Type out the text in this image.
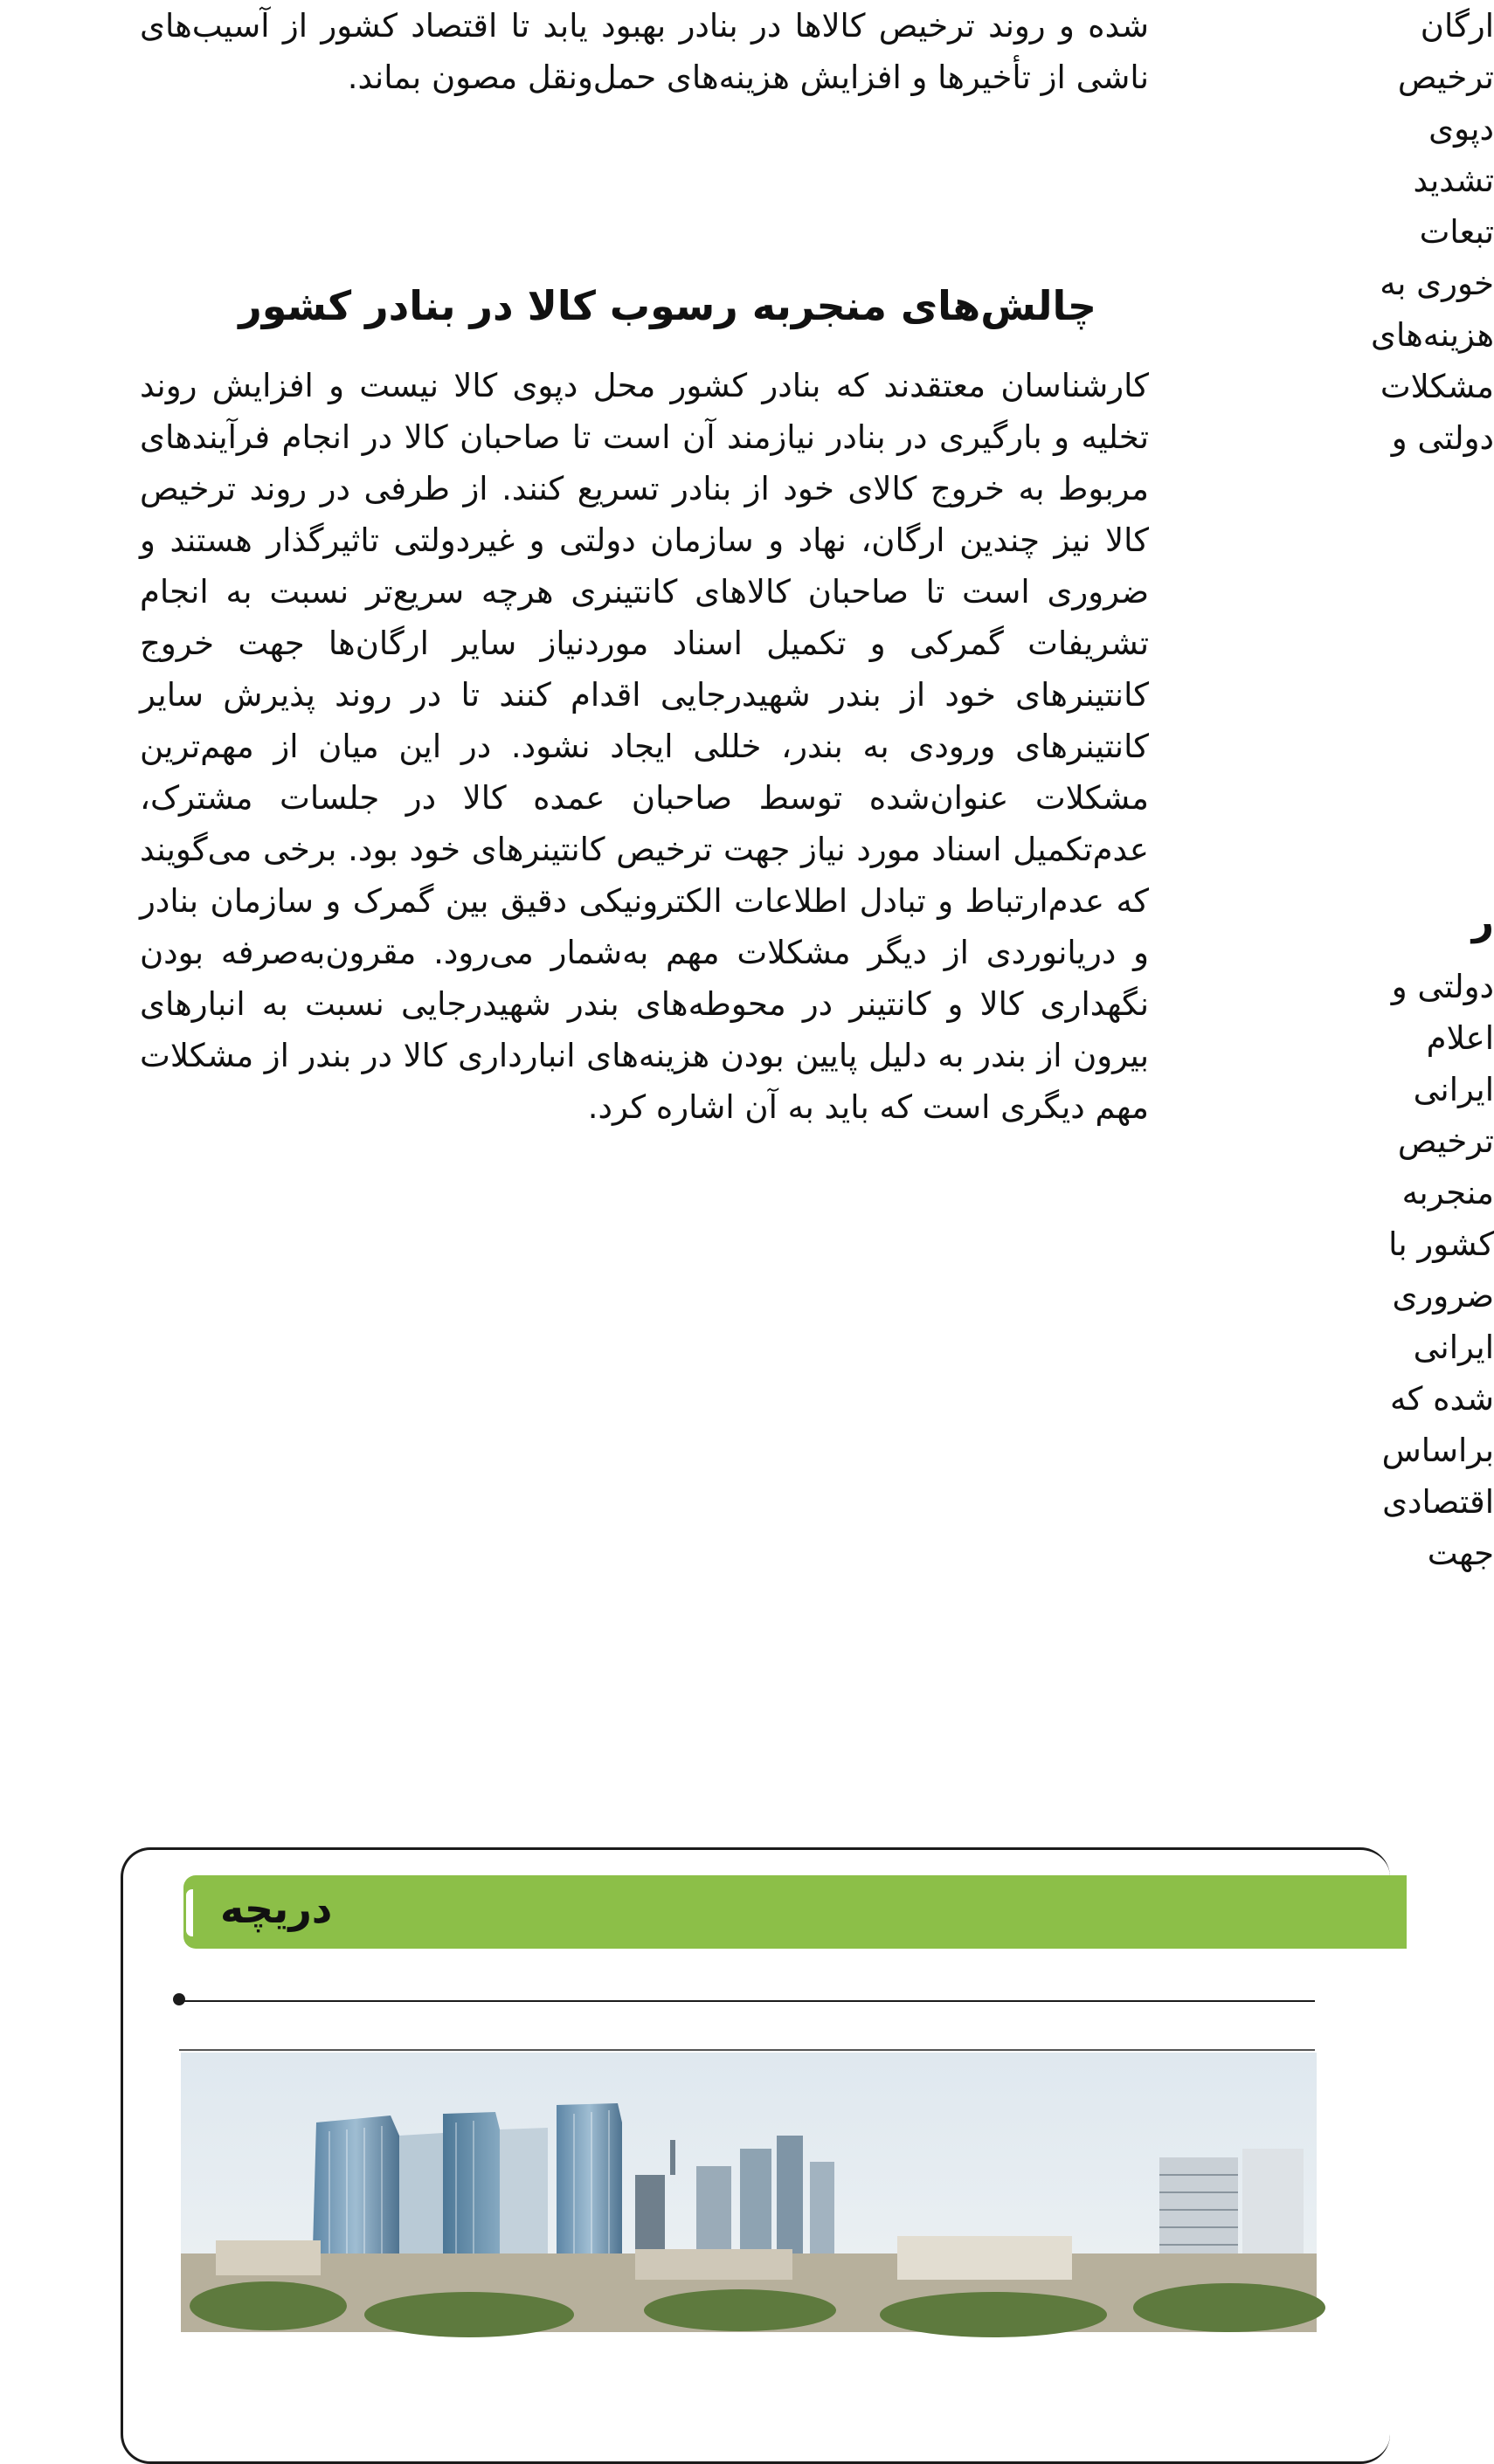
شده و روند ترخیص کالاها در بنادر بهبود یابد تا اقتصاد کشور از آسیب‌های ناشی از تأخیرها و افزایش هزینه‌های حمل‌ونقل مصون بماند.

چالش‌های منجربه رسوب کالا در بنادر کشور

کارشناسان معتقدند که بنادر کشور محل دپوی کالا نیست و افزایش روند تخلیه و بارگیری در بنادر نیازمند آن است تا صاحبان کالا در انجام فرآیندهای مربوط به خروج کالای خود از بنادر تسریع کنند. از طرفی در روند ترخیص کالا نیز چندین ارگان، نهاد و سازمان دولتی و غیردولتی تاثیرگذار هستند و ضروری است تا صاحبان کالاهای کانتینری هرچه سریع‌تر نسبت به انجام تشریفات گمرکی و تکمیل اسناد موردنیاز سایر ارگان‌ها جهت خروج کانتینرهای خود از بندر شهیدرجایی اقدام کنند تا در روند پذیرش سایر کانتینرهای ورودی به بندر، خللی ایجاد نشود. در این میان از مهم‌ترین مشکلات عنوان‌شده توسط صاحبان عمده کالا در جلسات مشترک، عدم‌تکمیل اسناد مورد نیاز جهت ترخیص کانتینرهای خود بود. برخی می‌گویند که عدم‌ارتباط و تبادل اطلاعات الکترونیکی دقیق بین گمرک و سازمان بنادر و دریانوردی از دیگر مشکلات مهم به‌شمار می‌رود. مقرون‌به‌صرفه بودن نگهداری کالا و کانتینر در محوطه‌های بندر شهیدرجایی نسبت به انبارهای بیرون از بندر به دلیل پایین بودن هزینه‌های انبارداری کالا در بندر از مشکلات مهم دیگری است که باید به آن اشاره کرد.

ارگان
ترخیص
دپوی
تشدید
تبعات
خوری به
هزینه‌های
مشکلات
دولتی و
ر
دولتی و
اعلام
ایرانی
ترخیص
منجربه
کشور با
ضروری
ایرانی
شده که
براساس
اقتصادی
جهت
دریچه
